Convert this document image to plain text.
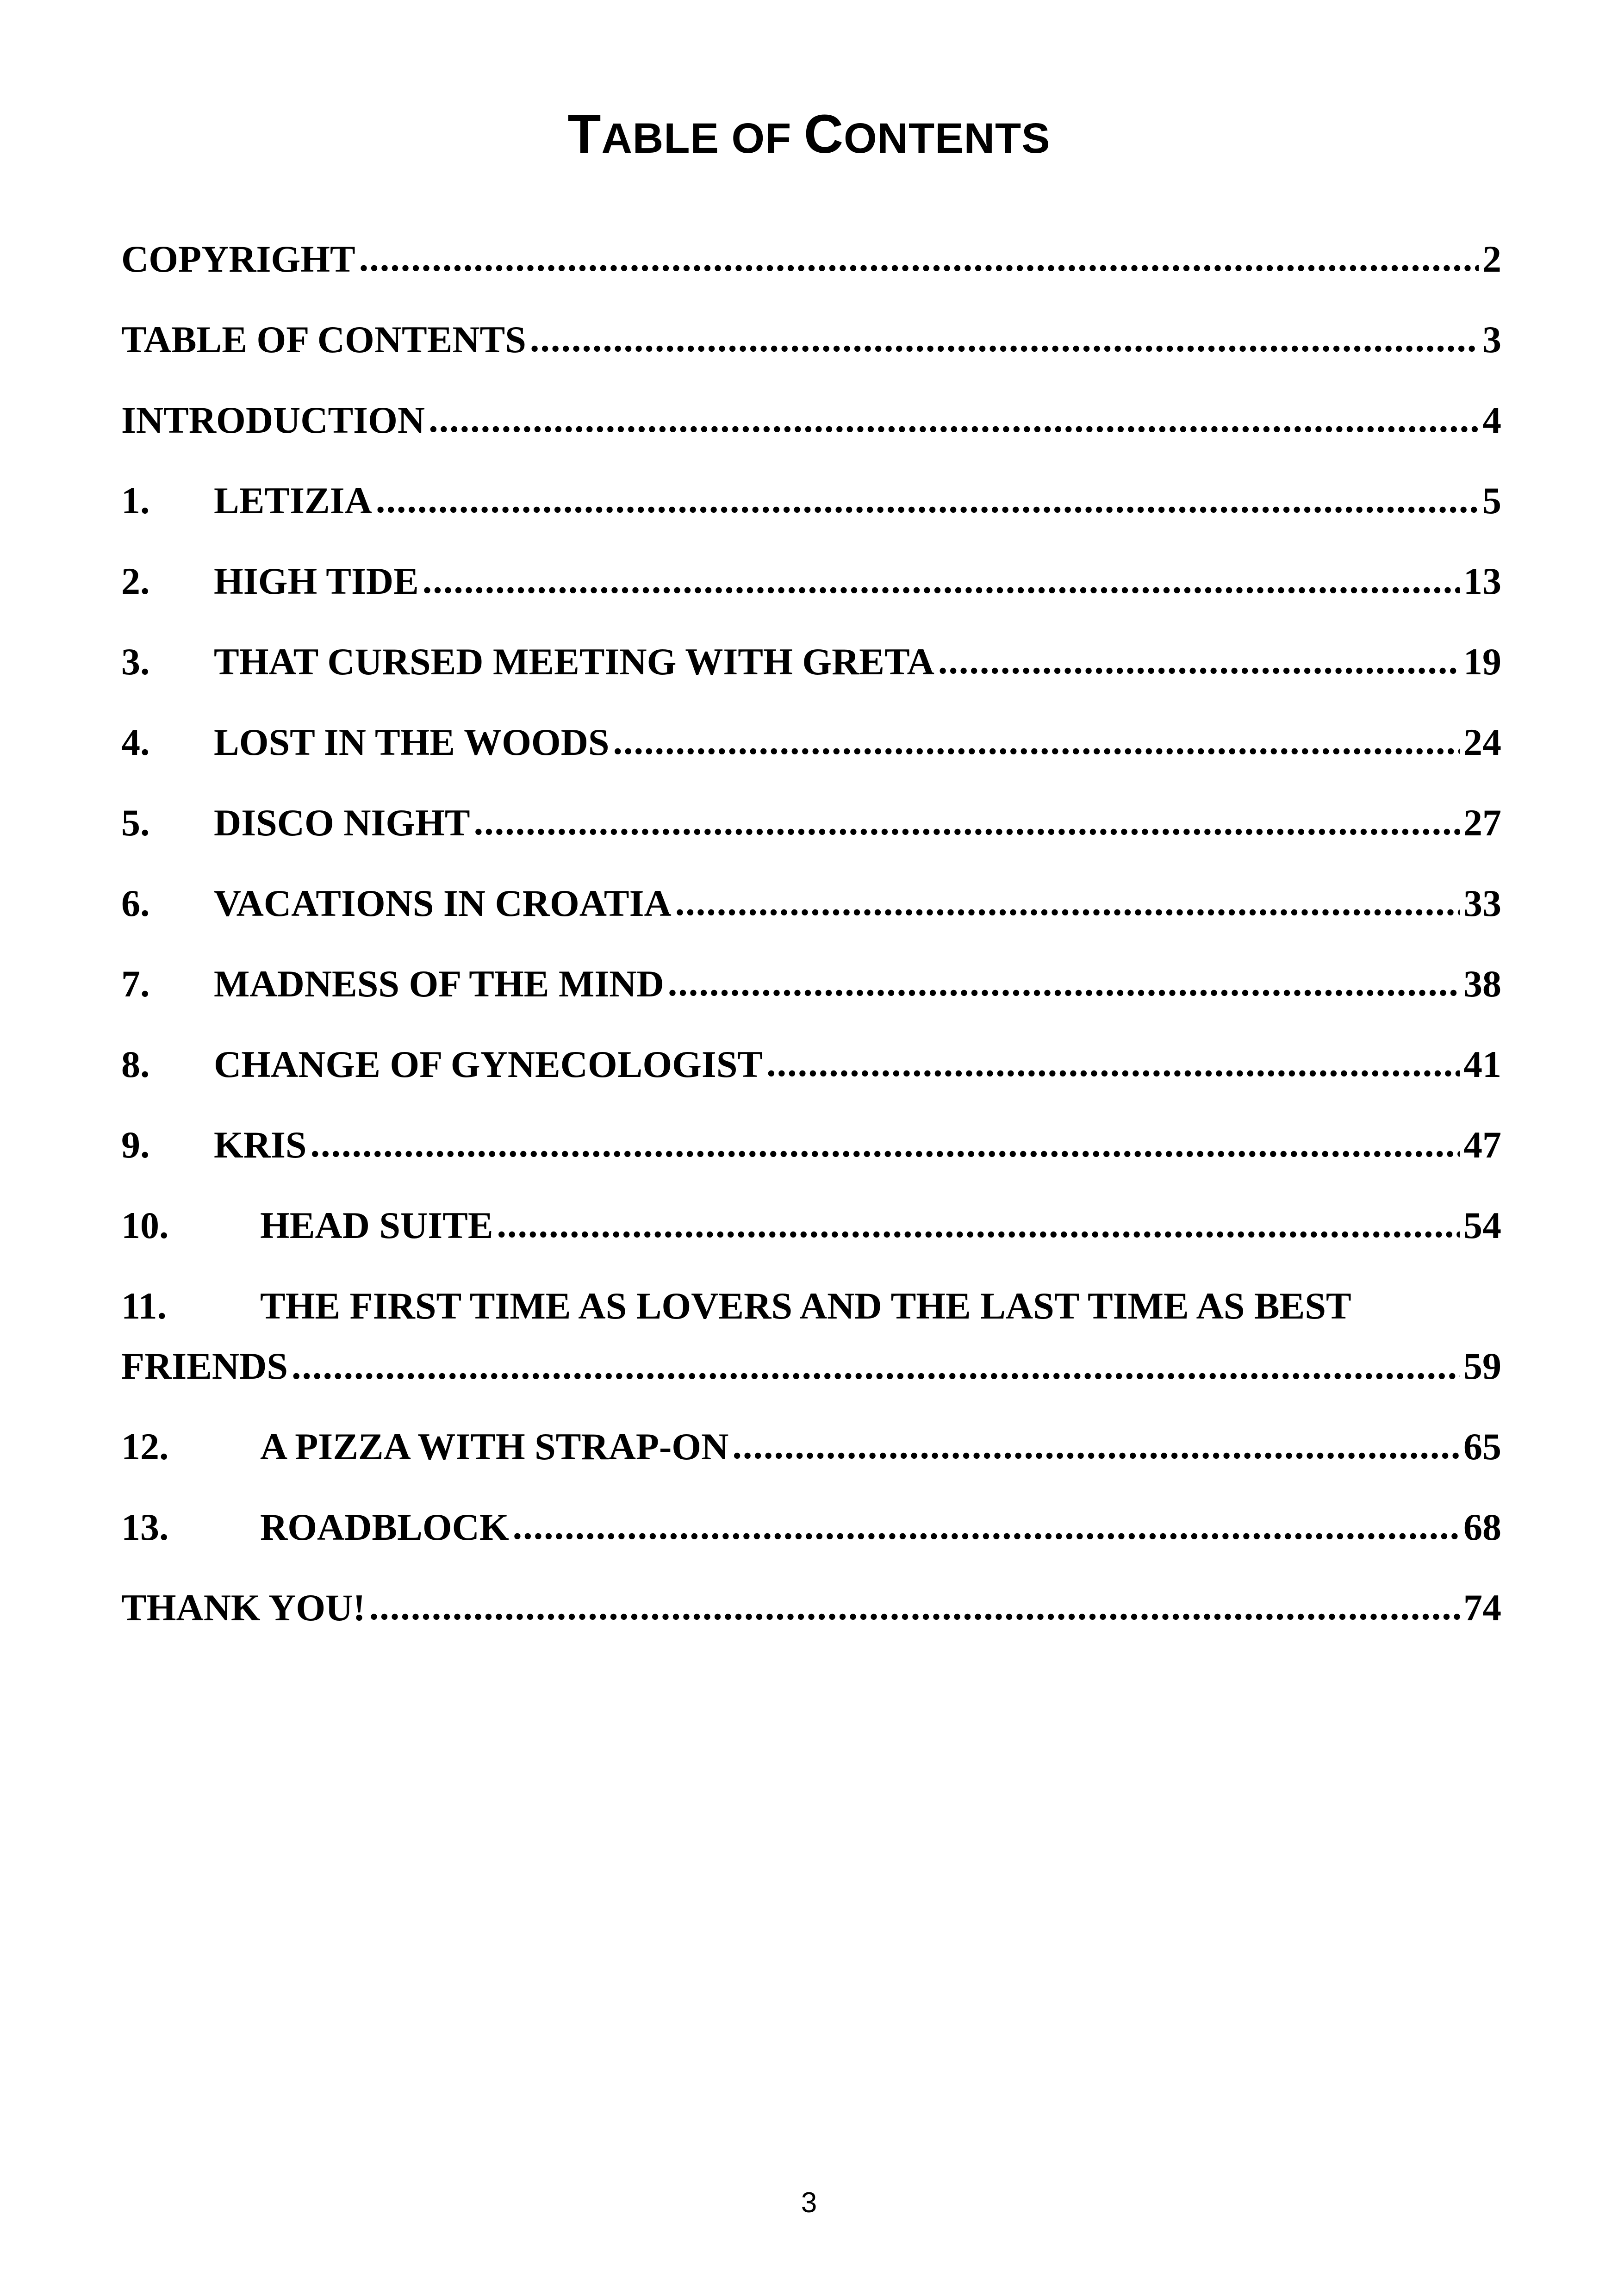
TABLE OF CONTENTS
COPYRIGHT .....	2
TABLE OF CONTENTS .....	3
INTRODUCTION .....	4
1.	LETIZIA .....	5
2.	HIGH TIDE .....	13
3.	THAT CURSED MEETING WITH GRETA .....	19
4.	LOST IN THE WOODS .....	24
5.	DISCO NIGHT .....	27
6.	VACATIONS IN CROATIA .....	33
7.	MADNESS OF THE MIND .....	38
8.	CHANGE OF GYNECOLOGIST .....	41
9.	KRIS .....	47
10.	HEAD SUITE .....	54
11.	THE FIRST TIME AS LOVERS AND THE LAST TIME AS BEST
FRIENDS .....	59
12.	A PIZZA WITH STRAP-ON .....	65
13.	ROADBLOCK .....	68
THANK YOU! .....	74
3
